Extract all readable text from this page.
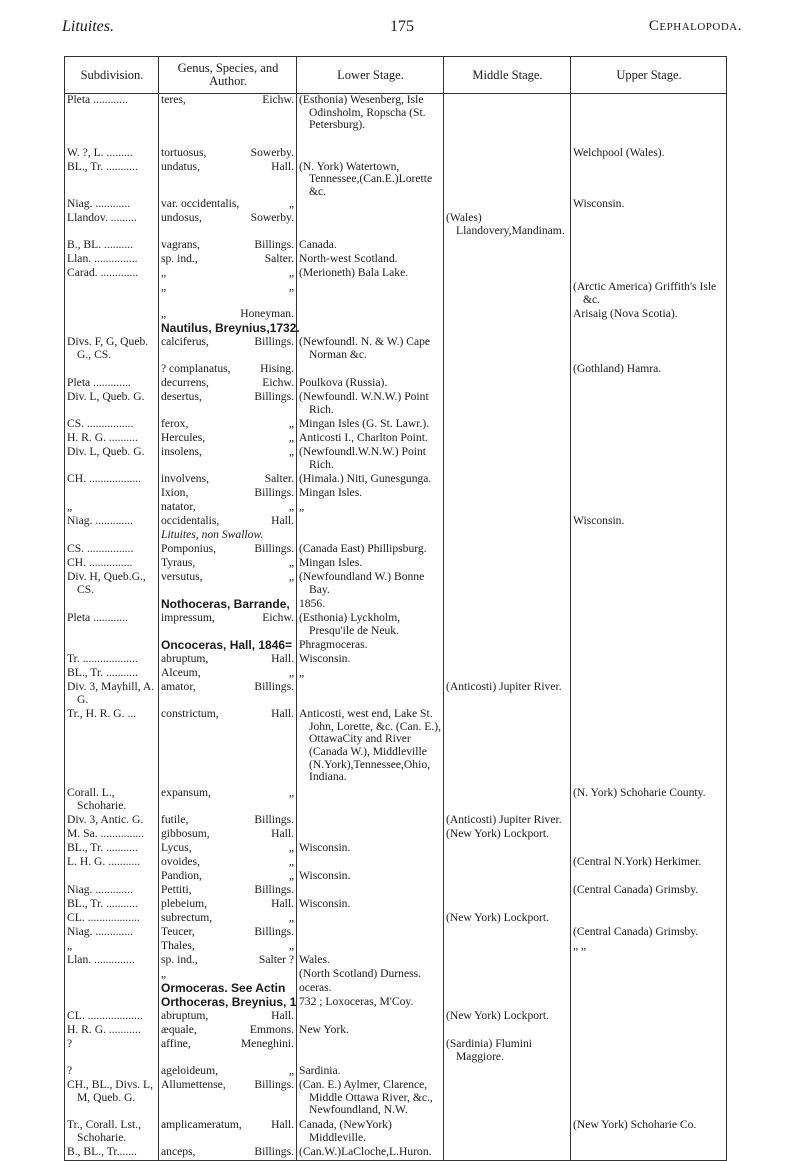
Lituites.	175	Cephalopoda.
Subdivision.	Genus, Species, and Author.	Lower Stage.	Middle Stage.	Upper Stage.

Pleta ............	teres, Eichw.	(Esthonia) Wesenberg, Isle Odinsholm, Ropscha (St. Petersburg).		

W. ?, L. .........	tortuosus, Sowerby.			Welchpool (Wales).

BL., Tr. ...........	undatus, Hall.	(N. York) Watertown, Tennessee,(Can.E.)Lorette &c.		

Niag. ............	var. occidentalis, „			Wisconsin.

Llandov. .........	undosus, Sowerby.		(Wales) Llandovery,Mandinam.	

B., BL. ..........	vagrans, Billings.	Canada.		

Llan. ...............	sp. ind., Salter.	North-west Scotland.		

Carad. .............	„ „	(Merioneth) Bala Lake.		

	„ „			(Arctic America) Griffith's Isle &c.

	„ Honeyman.			Arisaig (Nova Scotia).

	Nautilus, Breynius,1732.			

Divs. F, G, Queb. G., CS.	calciferus, Billings.	(Newfoundl. N. & W.) Cape Norman &c.		

	? complanatus, Hising.			(Gothland) Hamra.

Pleta .............	decurrens, Eichw.	Poulkova (Russia).		

Div. L, Queb. G.	desertus, Billings.	(Newfoundl. W.N.W.) Point Rich.		

CS. ................	ferox, „	Mingan Isles (G. St. Lawr.).		

H. R. G. ..........	Hercules, „	Anticosti I., Charlton Point.		

Div. L, Queb. G.	insolens, „	(Newfoundl.W.N.W.) Point Rich.		

CH. ..................	involvens, Salter.	(Himala.) Niti, Gunesgunga.		

	Ixion, Billings.	Mingan Isles.		

„	natator, „	„		

Niag. .............	occidentalis, Hall.			Wisconsin.

	Lituites, non Swallow.			

CS. ................	Pomponius, Billings.	(Canada East) Phillipsburg.		

CH. ...............	Tyraus, „	Mingan Isles.		

Div. H, Queb.G., CS.	versutus, „	(Newfoundland W.) Bonne Bay.		

	Nothoceras, Barrande,	1856.		

Pleta ............	impressum, Eichw.	(Esthonia) Lyckholm, Presqu'ile de Neuk.		

	Oncoceras, Hall, 1846=	Phragmoceras.		

Tr. ...................	abruptum, Hall.	Wisconsin.		

BL., Tr. ...........	Alceum, „	„		

Div. 3, Mayhill, A. G.	amator, Billings.		(Anticosti) Jupiter River.	

Tr., H. R. G. ...	constrictum, Hall.	Anticosti, west end, Lake St. John, Lorette, &c. (Can. E.), OttawaCity and River (Canada W.), Middleville (N.York),Tennessee,Ohio, Indiana.		

Corall. L., Schoharie.	expansum, „			(N. York) Schoharie County.

Div. 3, Antic. G.	futile, Billings.		(Anticosti) Jupiter River.	

M. Sa. ...............	gibbosum, Hall.		(New York) Lockport.	

BL., Tr. ...........	Lycus, „	Wisconsin.		

L. H. G. ...........	ovoides, „			(Central N.York) Herkimer.

	Pandion, „	Wisconsin.		

Niag. .............	Pettiti, Billings.			(Central Canada) Grimsby.

BL., Tr. ...........	plebeium, Hall.	Wisconsin.		

CL. ..................	subrectum, „		(New York) Lockport.	

Niag. .............	Teucer, Billings.			(Central Canada) Grimsby.

„	Thales, „			„ „

Llan. ..............	sp. ind., Salter ?	Wales.		

	„	(North Scotland) Durness.		

	Ormoceras. See Actin	oceras.		

	Orthoceras, Breynius, 1	732 ; Loxoceras, M'Coy.		

CL. ...................	abruptum, Hall.		(New York) Lockport.	

H. R. G. ...........	æquale, Emmons.	New York.		

?	affine, Meneghini.		(Sardinia) Flumini Maggiore.	

?	ageloideum, „	Sardinia.		

CH., BL., Divs. L, M, Queb. G.	Allumettense, Billings.	(Can. E.) Aylmer, Clarence, Middle Ottawa River, &c., Newfoundland, N.W.		

Tr., Corall. Lst., Schoharie.	amplicameratum, Hall.	Canada, (NewYork) Middleville.		(New York) Schoharie Co.

B., BL., Tr.......	anceps, Billings.	(Can.W.)LaCloche,L.Huron.		
